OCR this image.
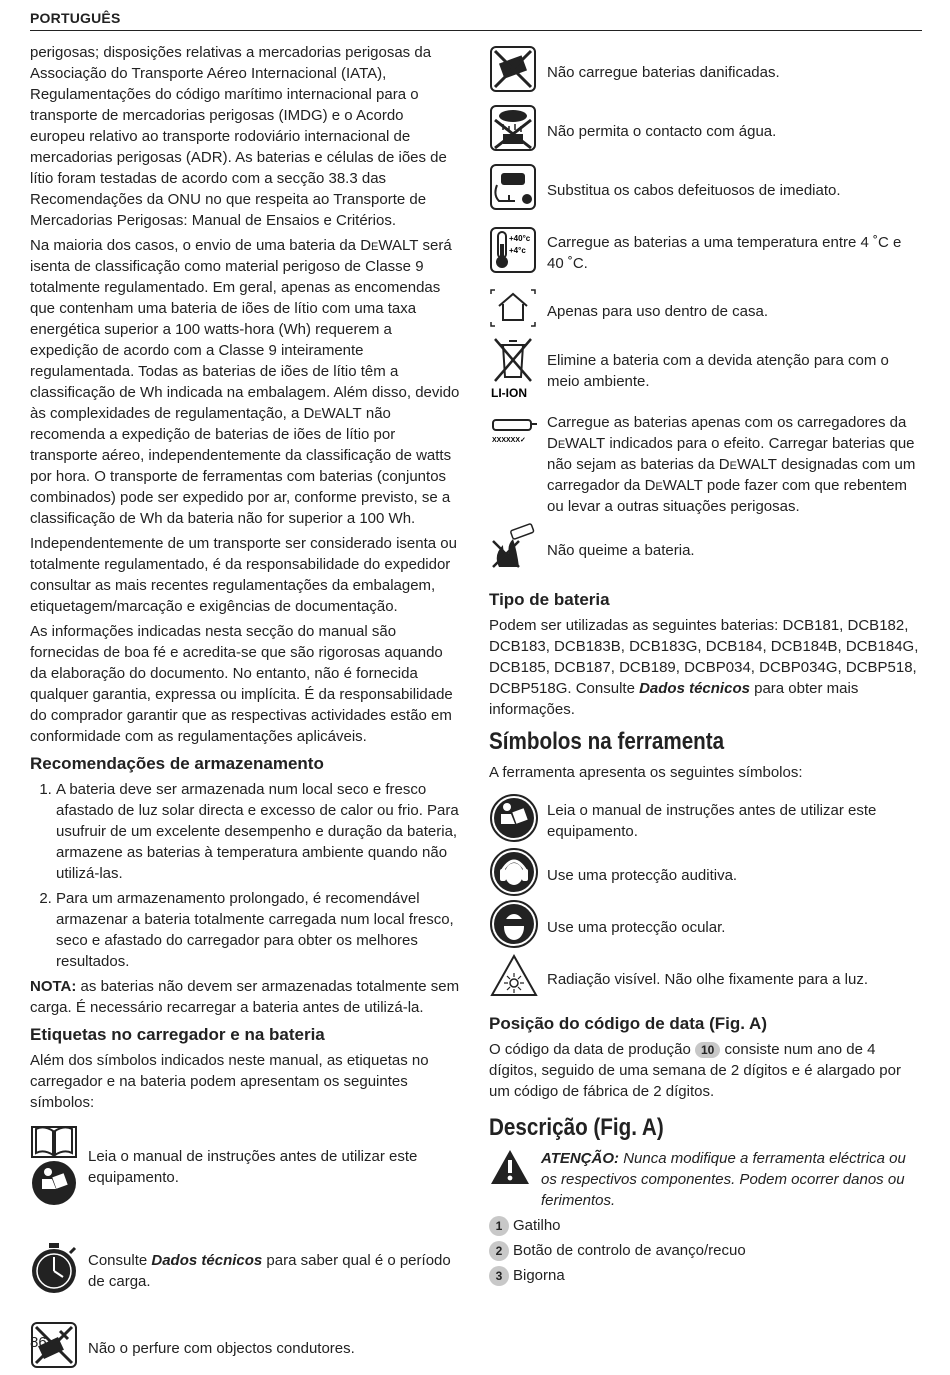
PORTUGUÊS

perigosas; disposições relativas a mercadorias perigosas da Associação do Transporte Aéreo Internacional (IATA), Regulamentações do código marítimo internacional para o transporte de mercadorias perigosas (IMDG) e o Acordo europeu relativo ao transporte rodoviário internacional de mercadorias perigosas (ADR). As baterias e células de iões de lítio foram testadas de acordo com a secção 38.3 das Recomendações da ONU no que respeita ao Transporte de Mercadorias Perigosas: Manual de Ensaios e Critérios.

Na maioria dos casos, o envio de uma bateria da DeWALT será isenta de classificação como material perigoso de Classe 9 totalmente regulamentado. Em geral, apenas as encomendas que contenham uma bateria de iões de lítio com uma taxa energética superior a 100 watts-hora (Wh) requerem a expedição de acordo com a Classe 9 inteiramente regulamentada. Todas as baterias de iões de lítio têm a classificação de Wh indicada na embalagem. Além disso, devido às complexidades de regulamentação, a DeWALT não recomenda a expedição de baterias de iões de lítio por transporte aéreo, independentemente da classificação de watts por hora. O transporte de ferramentas com baterias (conjuntos combinados) pode ser expedido por ar, conforme previsto, se a classificação de Wh da bateria não for superior a 100 Wh.

Independentemente de um transporte ser considerado isenta ou totalmente regulamentado, é da responsabilidade do expedidor consultar as mais recentes regulamentações da embalagem, etiquetagem/marcação e exigências de documentação.

As informações indicadas nesta secção do manual são fornecidas de boa fé e acredita-se que são rigorosas aquando da elaboração do documento. No entanto, não é fornecida qualquer garantia, expressa ou implícita. É da responsabilidade do comprador garantir que as respectivas actividades estão em conformidade com as regulamentações aplicáveis.

Recomendações de armazenamento
1. A bateria deve ser armazenada num local seco e fresco afastado de luz solar directa e excesso de calor ou frio. Para usufruir de um excelente desempenho e duração da bateria, armazene as baterias à temperatura ambiente quando não utilizá-las.
2. Para um armazenamento prolongado, é recomendável armazenar a bateria totalmente carregada num local fresco, seco e afastado do carregador para obter os melhores resultados.

NOTA: as baterias não devem ser armazenadas totalmente sem carga. É necessário recarregar a bateria antes de utilizá-la.

Etiquetas no carregador e na bateria

Além dos símbolos indicados neste manual, as etiquetas no carregador e na bateria podem apresentam os seguintes símbolos:

Leia o manual de instruções antes de utilizar este equipamento.
Consulte Dados técnicos para saber qual é o período de carga.
Não o perfure com objectos condutores.
Não carregue baterias danificadas.
Não permita o contacto com água.
Substitua os cabos defeituosos de imediato.
+40°c
+4°c Carregue as baterias a uma temperatura entre 4 ˚C e 40 ˚C.
Apenas para uso dentro de casa.
LI-ION
Elimine a bateria com a devida atenção para com o meio ambiente.
XXXXXX✓
Carregue as baterias apenas com os carregadores da DeWALT indicados para o efeito. Carregar baterias que não sejam as baterias da DeWALT designadas com um carregador da DeWALT pode fazer com que rebentem ou levar a outras situações perigosas.
Não queime a bateria.
Tipo de bateria

Podem ser utilizadas as seguintes baterias: DCB181, DCB182, DCB183, DCB183B, DCB183G, DCB184, DCB184B, DCB184G, DCB185, DCB187, DCB189, DCBP034, DCBP034G, DCBP518, DCBP518G. Consulte Dados técnicos para obter mais informações.

Símbolos na ferramenta

A ferramenta apresenta os seguintes símbolos:

Leia o manual de instruções antes de utilizar este equipamento.
Use uma protecção auditiva.
Use uma protecção ocular.
Radiação visível. Não olhe fixamente para a luz.
Posição do código de data (Fig. A)

O código da data de produção 10 consiste num ano de 4 dígitos, seguido de uma semana de 2 dígitos e é alargado por um código de fábrica de 2 dígitos.

Descrição (Fig. A)
ATENÇÃO: Nunca modifique a ferramenta eléctrica ou os respectivos componentes. Podem ocorrer danos ou ferimentos.
1 Gatilho
2 Botão de controlo de avanço/recuo
3 Bigorna
86
